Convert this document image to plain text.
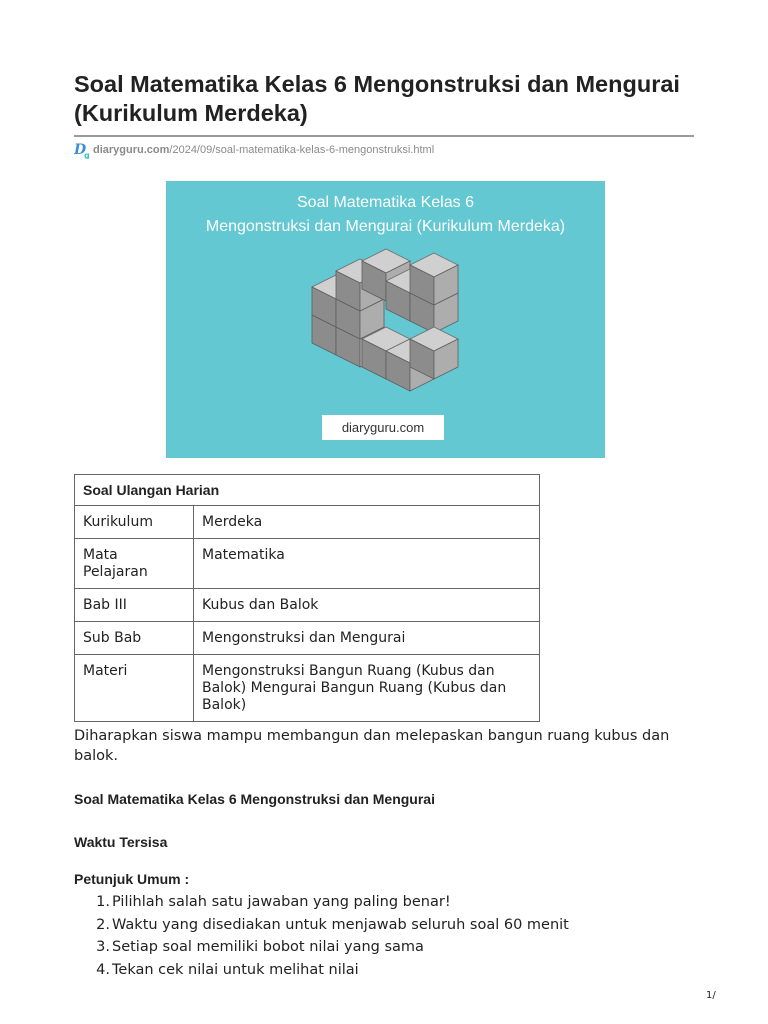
Soal Matematika Kelas 6 Mengonstruksi dan Mengurai (Kurikulum Merdeka)
D
g diaryguru.com/2024/09/soal-matematika-kelas-6-mengonstruksi.html
Soal Matematika Kelas 6
Mengonstruksi dan Mengurai (Kurikulum Merdeka)
diaryguru.com
Soal Ulangan Harian	
Kurikulum	Merdeka
Mata Pelajaran	Matematika
Bab III	Kubus dan Balok
Sub Bab	Mengonstruksi dan Mengurai
Materi	Mengonstruksi Bangun Ruang (Kubus dan Balok) Mengurai Bangun Ruang (Kubus dan Balok)

Diharapkan siswa mampu membangun dan melepaskan bangun ruang kubus dan balok.

Soal Matematika Kelas 6 Mengonstruksi dan Mengurai
Waktu Tersisa
Petunjuk Umum :
1. Pilihlah salah satu jawaban yang paling benar!
2. Waktu yang disediakan untuk menjawab seluruh soal 60 menit
3. Setiap soal memiliki bobot nilai yang sama
4. Tekan cek nilai untuk melihat nilai
1/
